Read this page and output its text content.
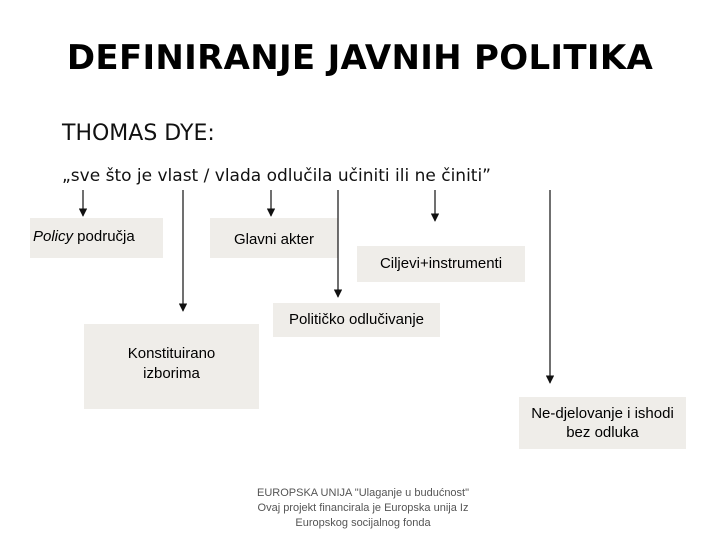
DEFINIRANJE JAVNIH POLITIKA
THOMAS DYE:
„sve što je vlast / vlada odlučila učiniti ili ne činiti”
Policy područja	Glavni akter
Ciljevi+instrumenti
Političko odlučivanje
Konstituirano izborima
Ne-djelovanje i ishodi bez odluka
EUROPSKA UNIJA "Ulaganje u budućnost" Ovaj projekt financirala je Europska unija Iz Europskog socijalnog fonda
